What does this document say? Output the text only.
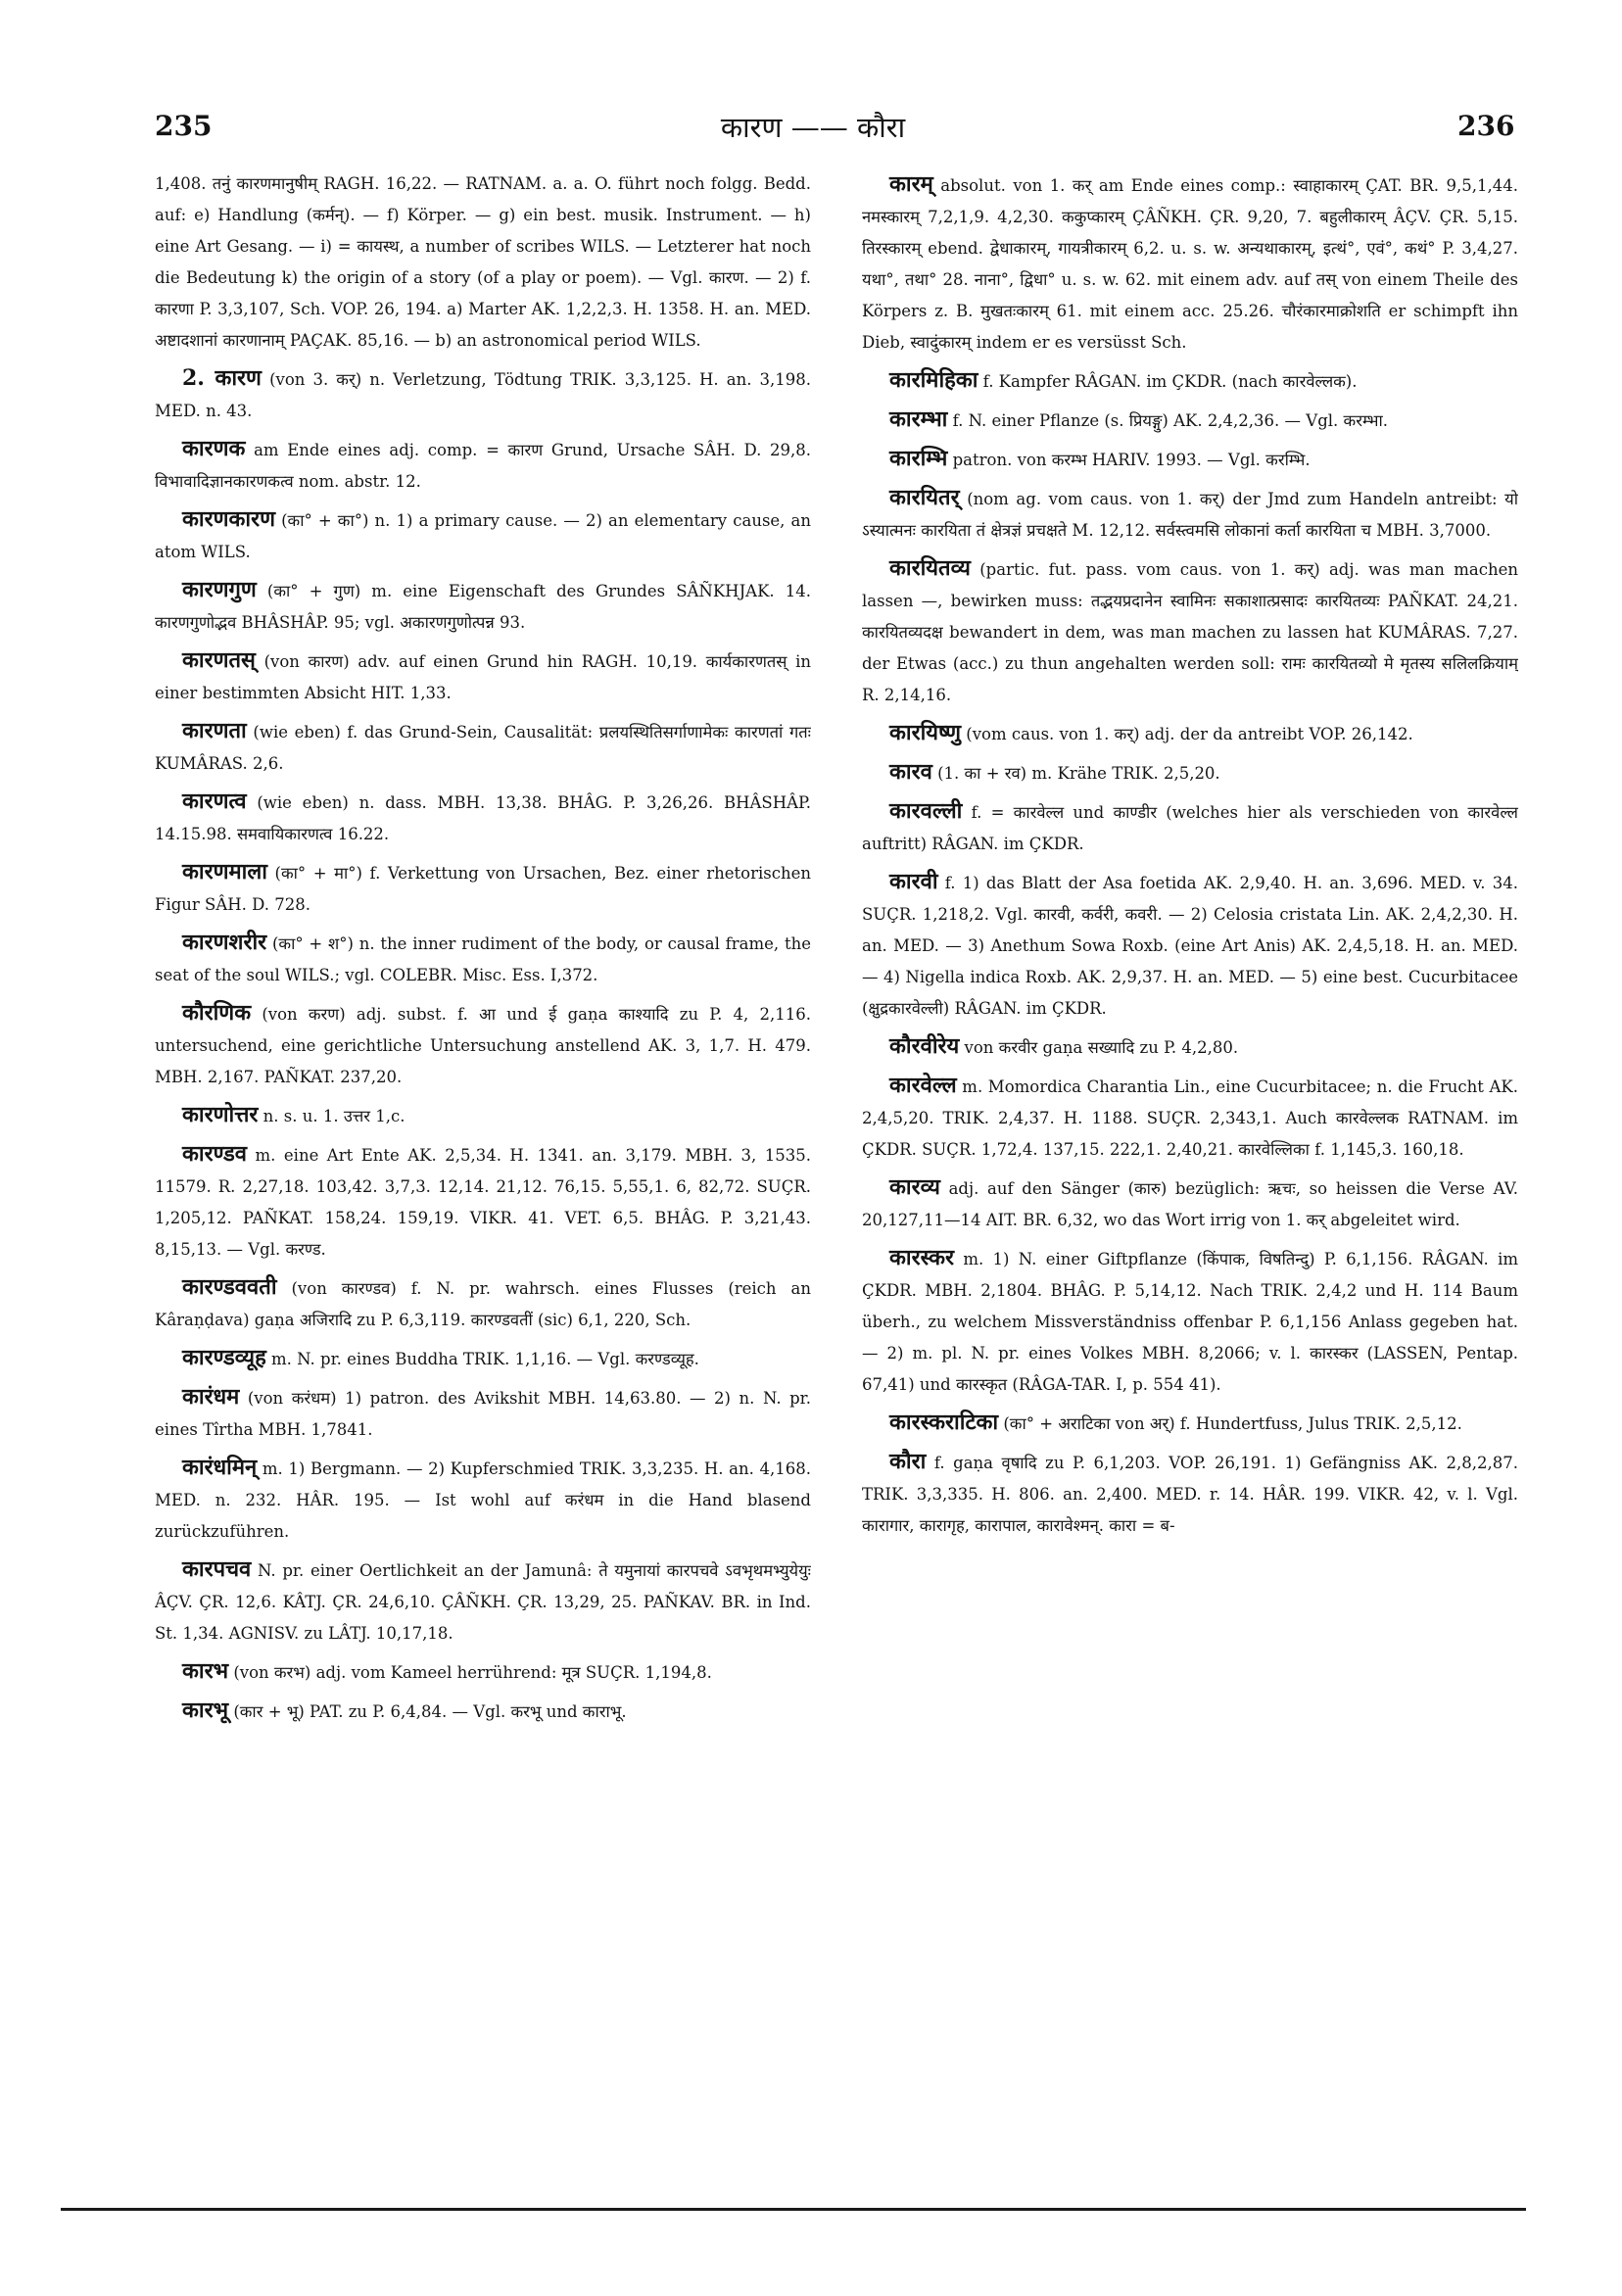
235	कारण —— कौरा	236

1,408. तनुं कारणमानुषीम् RAGH. 16,22. — RATNAM. a. a. O. führt noch folgg. Bedd. auf: e) Handlung (कर्मन्). — f) Körper. — g) ein best. musik. Instrument. — h) eine Art Gesang. — i) = कायस्थ, a number of scribes WILS. — Letzterer hat noch die Bedeutung k) the origin of a story (of a play or poem). — Vgl. कारण. — 2) f. कारणा P. 3,3,107, Sch. VOP. 26, 194. a) Marter AK. 1,2,2,3. H. 1358. H. an. MED. अष्टादशानां कारणानाम् PAÇAK. 85,16. — b) an astronomical period WILS.

2. कारण (von 3. कर्) n. Verletzung, Tödtung TRIK. 3,3,125. H. an. 3,198. MED. n. 43.

कारणक am Ende eines adj. comp. = कारण Grund, Ursache SÂH. D. 29,8. विभावादिज्ञानकारणकत्व nom. abstr. 12.

कारणकारण (का° + का°) n. 1) a primary cause. — 2) an elementary cause, an atom WILS.

कारणगुण (का° + गुण) m. eine Eigenschaft des Grundes SÂÑKHJAK. 14. कारणगुणोद्भव BHÂSHÂP. 95; vgl. अकारणगुणोत्पन्न 93.

कारणतस् (von कारण) adv. auf einen Grund hin RAGH. 10,19. कार्यकारणतस् in einer bestimmten Absicht HIT. 1,33.

कारणता (wie eben) f. das Grund-Sein, Causalität: प्रलयस्थितिसर्गाणामेकः कारणतां गतः KUMÂRAS. 2,6.

कारणत्व (wie eben) n. dass. MBH. 13,38. BHÂG. P. 3,26,26. BHÂSHÂP. 14.15.98. समवायिकारणत्व 16.22.

कारणमाला (का° + मा°) f. Verkettung von Ursachen, Bez. einer rhetorischen Figur SÂH. D. 728.

कारणशरीर (का° + श°) n. the inner rudiment of the body, or causal frame, the seat of the soul WILS.; vgl. COLEBR. Misc. Ess. I,372.

कौरणिक (von करण) adj. subst. f. आ und ई gaṇa काश्यादि zu P. 4, 2,116. untersuchend, eine gerichtliche Untersuchung anstellend AK. 3, 1,7. H. 479. MBH. 2,167. PAÑKAT. 237,20.

कारणोत्तर n. s. u. 1. उत्तर 1,c.

कारण्डव m. eine Art Ente AK. 2,5,34. H. 1341. an. 3,179. MBH. 3, 1535. 11579. R. 2,27,18. 103,42. 3,7,3. 12,14. 21,12. 76,15. 5,55,1. 6, 82,72. SUÇR. 1,205,12. PAÑKAT. 158,24. 159,19. VIKR. 41. VET. 6,5. BHÂG. P. 3,21,43. 8,15,13. — Vgl. करण्ड.

कारण्डववती (von कारण्डव) f. N. pr. wahrsch. eines Flusses (reich an Kâraṇḍava) gaṇa अजिरादि zu P. 6,3,119. कारण्डवतीं (sic) 6,1, 220, Sch.

कारण्डव्यूह m. N. pr. eines Buddha TRIK. 1,1,16. — Vgl. करण्डव्यूह.

कारंधम (von करंधम) 1) patron. des Avikshit MBH. 14,63.80. — 2) n. N. pr. eines Tîrtha MBH. 1,7841.

कारंधमिन् m. 1) Bergmann. — 2) Kupferschmied TRIK. 3,3,235. H. an. 4,168. MED. n. 232. HÂR. 195. — Ist wohl auf करंधम in die Hand blasend zurückzuführen.

कारपचव N. pr. einer Oertlichkeit an der Jamunâ: ते यमुनायां कारपचवे ऽवभृथमभ्युयेयुः ÂÇV. ÇR. 12,6. KÂTJ. ÇR. 24,6,10. ÇÂÑKH. ÇR. 13,29, 25. PAÑKAV. BR. in Ind. St. 1,34. AGNISV. zu LÂTJ. 10,17,18.

कारभ (von करभ) adj. vom Kameel herrührend: मूत्र SUÇR. 1,194,8.

कारभू (कार + भू) PAT. zu P. 6,4,84. — Vgl. करभू und काराभू.

कारम् absolut. von 1. कर् am Ende eines comp.: स्वाहाकारम् ÇAT. BR. 9,5,1,44. नमस्कारम् 7,2,1,9. 4,2,30. ककुप्कारम् ÇÂÑKH. ÇR. 9,20, 7. बहुलीकारम् ÂÇV. ÇR. 5,15. तिरस्कारम् ebend. द्वेधाकारम्, गायत्रीकारम् 6,2. u. s. w. अन्यथाकारम्, इत्थं°, एवं°, कथं° P. 3,4,27. यथा°, तथा° 28. नाना°, द्विधा° u. s. w. 62. mit einem adv. auf तस् von einem Theile des Körpers z. B. मुखतःकारम् 61. mit einem acc. 25.26. चौरंकारमाक्रोशति er schimpft ihn Dieb, स्वादुंकारम् indem er es versüsst Sch.

कारमिहिका f. Kampfer RÂGAN. im ÇKDR. (nach कारवेल्लक).

कारम्भा f. N. einer Pflanze (s. प्रियङ्गु) AK. 2,4,2,36. — Vgl. करम्भा.

कारम्भि patron. von करम्भ HARIV. 1993. — Vgl. करम्भि.

कारयितर् (nom ag. vom caus. von 1. कर्) der Jmd zum Handeln antreibt: यो ऽस्यात्मनः कारयिता तं क्षेत्रज्ञं प्रचक्षते M. 12,12. सर्वस्त्वमसि लोकानां कर्ता कारयिता च MBH. 3,7000.

कारयितव्य (partic. fut. pass. vom caus. von 1. कर्) adj. was man machen lassen —, bewirken muss: तद्भयप्रदानेन स्वामिनः सकाशात्प्रसादः कारयितव्यः PAÑKAT. 24,21. कारयितव्यदक्ष bewandert in dem, was man machen zu lassen hat KUMÂRAS. 7,27. der Etwas (acc.) zu thun angehalten werden soll: रामः कारयितव्यो मे मृतस्य सलिलक्रियाम् R. 2,14,16.

कारयिष्णु (vom caus. von 1. कर्) adj. der da antreibt VOP. 26,142.

कारव (1. का + रव) m. Krähe TRIK. 2,5,20.

कारवल्ली f. = कारवेल्ल und काण्डीर (welches hier als verschieden von कारवेल्ल auftritt) RÂGAN. im ÇKDR.

कारवी f. 1) das Blatt der Asa foetida AK. 2,9,40. H. an. 3,696. MED. v. 34. SUÇR. 1,218,2. Vgl. कारवी, कर्वरी, कवरी. — 2) Celosia cristata Lin. AK. 2,4,2,30. H. an. MED. — 3) Anethum Sowa Roxb. (eine Art Anis) AK. 2,4,5,18. H. an. MED. — 4) Nigella indica Roxb. AK. 2,9,37. H. an. MED. — 5) eine best. Cucurbitacee (क्षुद्रकारवेल्ली) RÂGAN. im ÇKDR.

कौरवीरेय von करवीर gaṇa सख्यादि zu P. 4,2,80.

कारवेल्ल m. Momordica Charantia Lin., eine Cucurbitacee; n. die Frucht AK. 2,4,5,20. TRIK. 2,4,37. H. 1188. SUÇR. 2,343,1. Auch कारवेल्लक RATNAM. im ÇKDR. SUÇR. 1,72,4. 137,15. 222,1. 2,40,21. कारवेल्लिका f. 1,145,3. 160,18.

कारव्य adj. auf den Sänger (कारु) bezüglich: ऋचः, so heissen die Verse AV. 20,127,11—14 AIT. BR. 6,32, wo das Wort irrig von 1. कर् abgeleitet wird.

कारस्कर m. 1) N. einer Giftpflanze (किंपाक, विषतिन्दु) P. 6,1,156. RÂGAN. im ÇKDR. MBH. 2,1804. BHÂG. P. 5,14,12. Nach TRIK. 2,4,2 und H. 114 Baum überh., zu welchem Missverständniss offenbar P. 6,1,156 Anlass gegeben hat. — 2) m. pl. N. pr. eines Volkes MBH. 8,2066; v. l. कारस्कर (LASSEN, Pentap. 67,41) und कारस्कृत (RÂGA-TAR. I, p. 554 41).

कारस्कराटिका (का° + अराटिका von अर्) f. Hundertfuss, Julus TRIK. 2,5,12.

कौरा f. gaṇa वृषादि zu P. 6,1,203. VOP. 26,191. 1) Gefängniss AK. 2,8,2,87. TRIK. 3,3,335. H. 806. an. 2,400. MED. r. 14. HÂR. 199. VIKR. 42, v. l. Vgl. कारागार, कारागृह, कारापाल, कारावेश्मन्. कारा = ब-
